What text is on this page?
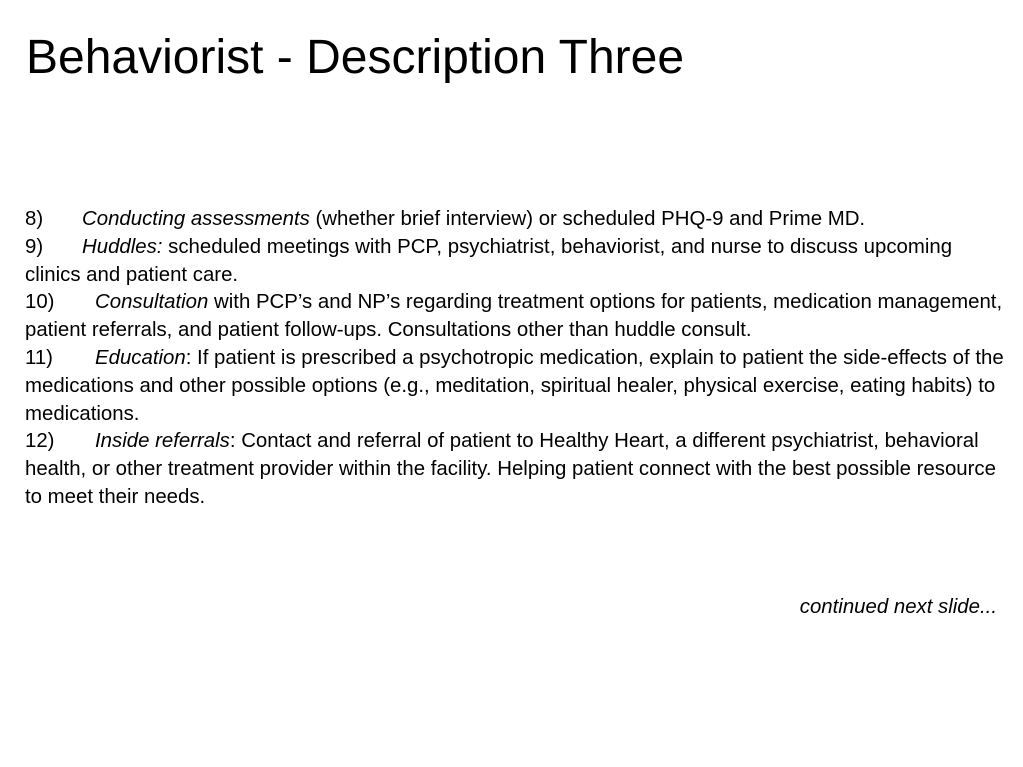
Behaviorist - Description Three

8) Conducting assessments (whether brief interview) or scheduled PHQ-9 and Prime MD.

9) Huddles: scheduled meetings with PCP, psychiatrist, behaviorist, and nurse to discuss upcoming clinics and patient care.

10) Consultation with PCP’s and NP’s regarding treatment options for patients, medication management, patient referrals, and patient follow-ups. Consultations other than huddle consult.

11) Education: If patient is prescribed a psychotropic medication, explain to patient the side-effects of the medications and other possible options (e.g., meditation, spiritual healer, physical exercise, eating habits) to medications.

12) Inside referrals: Contact and referral of patient to Healthy Heart, a different psychiatrist, behavioral health, or other treatment provider within the facility. Helping patient connect with the best possible resource to meet their needs.

continued next slide...
